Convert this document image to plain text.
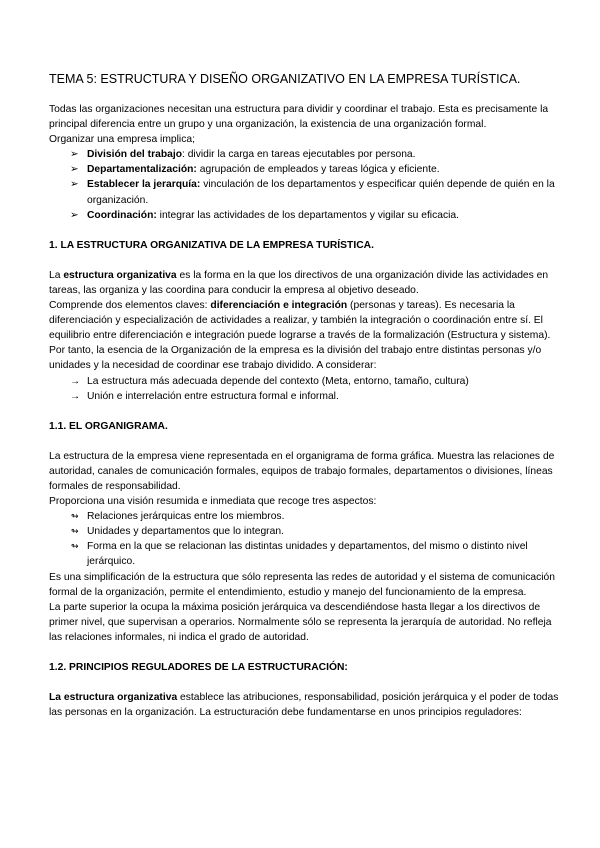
TEMA 5: ESTRUCTURA Y DISEÑO ORGANIZATIVO EN LA EMPRESA TURÍSTICA.

Todas las organizaciones necesitan una estructura para dividir y coordinar el trabajo. Esta es precisamente la principal diferencia entre un grupo y una organización, la existencia de una organización formal.

Organizar una empresa implica;

➢ División del trabajo: dividir la carga en tareas ejecutables por persona.
➢ Departamentalización: agrupación de empleados y tareas lógica y eficiente.
➢ Establecer la jerarquía: vinculación de los departamentos y especificar quién depende de quién en la organización.
➢ Coordinación: integrar las actividades de los departamentos y vigilar su eficacia.

1. LA ESTRUCTURA ORGANIZATIVA DE LA EMPRESA TURÍSTICA.

La estructura organizativa es la forma en la que los directivos de una organización divide las actividades en tareas, las organiza y las coordina para conducir la empresa al objetivo deseado.

Comprende dos elementos claves: diferenciación e integración (personas y tareas). Es necesaria la diferenciación y especialización de actividades a realizar, y también la integración o coordinación entre sí. El equilibrio entre diferenciación e integración puede lograrse a través de la formalización (Estructura y sistema).

Por tanto, la esencia de la Organización de la empresa es la división del trabajo entre distintas personas y/o unidades y la necesidad de coordinar ese trabajo dividido. A considerar:

→ La estructura más adecuada depende del contexto (Meta, entorno, tamaño, cultura)
→ Unión e interrelación entre estructura formal e informal.

1.1. EL ORGANIGRAMA.

La estructura de la empresa viene representada en el organigrama de forma gráfica. Muestra las relaciones de autoridad, canales de comunicación formales, equipos de trabajo formales, departamentos o divisiones, líneas formales de responsabilidad.

Proporciona una visión resumida e inmediata que recoge tres aspectos:

↬ Relaciones jerárquicas entre los miembros.
↬ Unidades y departamentos que lo integran.
↬ Forma en la que se relacionan las distintas unidades y departamentos, del mismo o distinto nivel jerárquico.

Es una simplificación de la estructura que sólo representa las redes de autoridad y el sistema de comunicación formal de la organización, permite el entendimiento, estudio y manejo del funcionamiento de la empresa.

La parte superior la ocupa la máxima posición jerárquica va descendiéndose hasta llegar a los directivos de primer nivel, que supervisan a operarios. Normalmente sólo se representa la jerarquía de autoridad. No refleja las relaciones informales, ni indica el grado de autoridad.

1.2. PRINCIPIOS REGULADORES DE LA ESTRUCTURACIÓN:

La estructura organizativa establece las atribuciones, responsabilidad, posición jerárquica y el poder de todas las personas en la organización. La estructuración debe fundamentarse en unos principios reguladores:
